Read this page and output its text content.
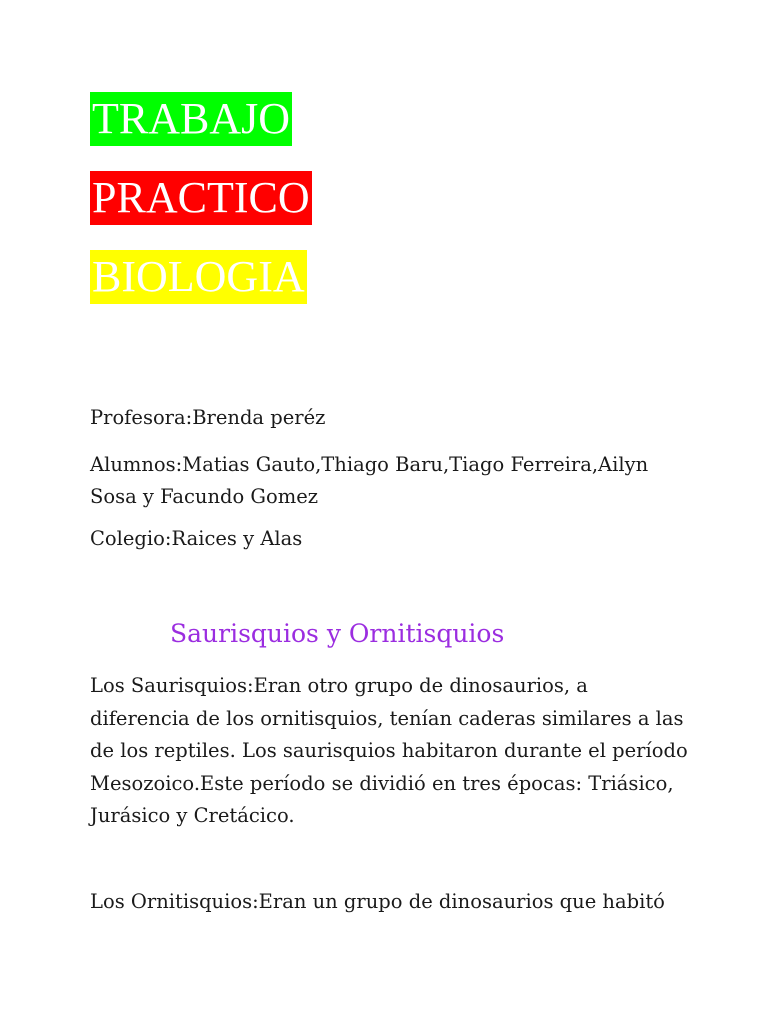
TRABAJO
PRACTICO
BIOLOGIA
Profesora:Brenda peréz
Alumnos:Matias Gauto,Thiago Baru,Tiago Ferreira,Ailyn Sosa y Facundo Gomez
Colegio:Raices y Alas
Saurisquios y Ornitisquios
Los Saurisquios:Eran otro grupo de dinosaurios, a diferencia de los ornitisquios, tenían caderas similares a las de los reptiles. Los saurisquios habitaron durante el período Mesozoico.Este período se dividió en tres épocas: Triásico, Jurásico y Cretácico.
Los Ornitisquios:Eran un grupo de dinosaurios que habitó
